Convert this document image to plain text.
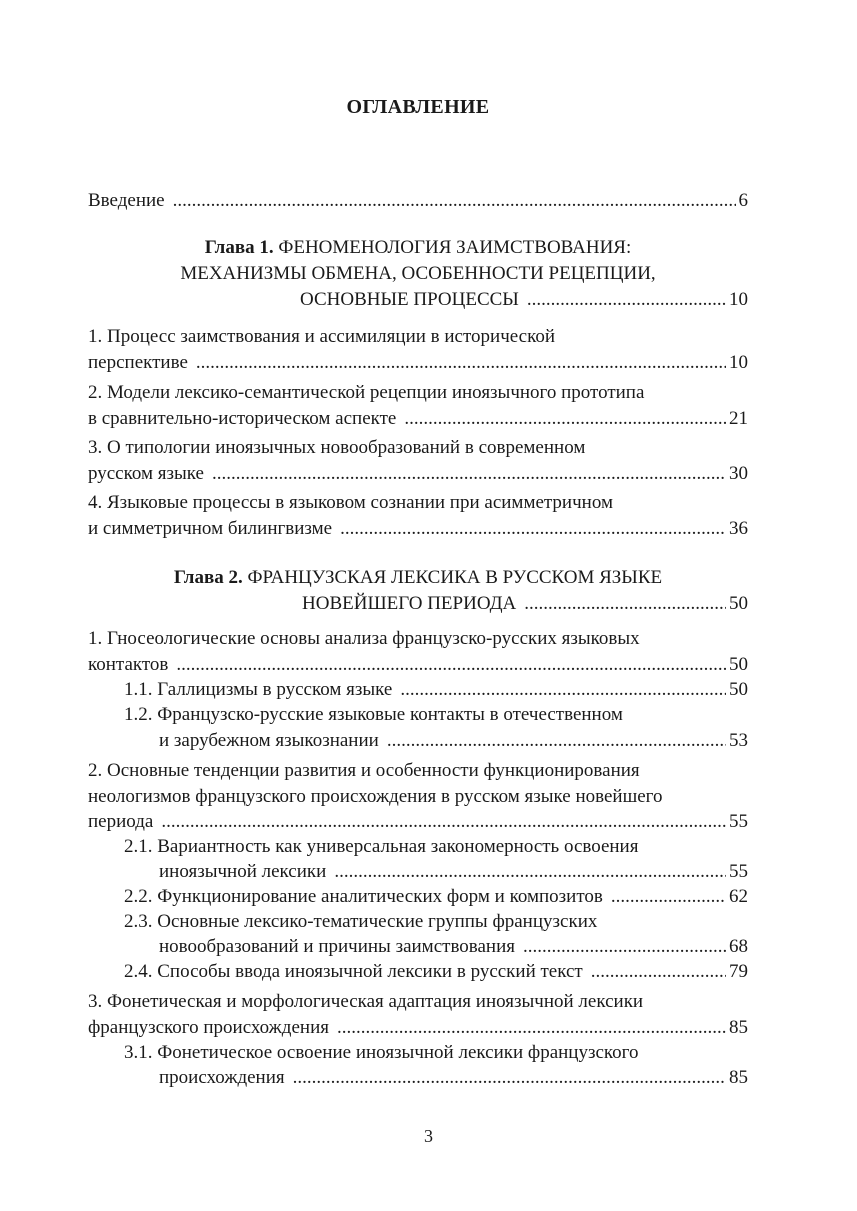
ОГЛАВЛЕНИЕ
Введение .....	6
Глава 1. ФЕНОМЕНОЛОГИЯ ЗАИМСТВОВАНИЯ:
МЕХАНИЗМЫ ОБМЕНА, ОСОБЕННОСТИ РЕЦЕПЦИИ,
ОСНОВНЫЕ ПРОЦЕССЫ .....	10
1. Процесс заимствования и ассимиляции в исторической
перспективе .....	10
2. Модели лексико-семантической рецепции иноязычного прототипа
в сравнительно-историческом аспекте .....	21
3. О типологии иноязычных новообразований в современном
русском языке .....	30
4. Языковые процессы в языковом сознании при асимметричном
и симметричном билингвизме .....	36
Глава 2. ФРАНЦУЗСКАЯ ЛЕКСИКА В РУССКОМ ЯЗЫКЕ
НОВЕЙШЕГО ПЕРИОДА .....	50
1. Гносеологические основы анализа французско-русских языковых
контактов .....	50
1.1. Галлицизмы в русском языке .....	50
1.2. Французско-русские языковые контакты в отечественном
и зарубежном языкознании .....	53
2. Основные тенденции развития и особенности функционирования
неологизмов французского происхождения в русском языке новейшего
периода .....	55
2.1. Вариантность как универсальная закономерность освоения
иноязычной лексики .....	55
2.2. Функционирование аналитических форм и композитов .....	62
2.3. Основные лексико-тематические группы французских
новообразований и причины заимствования .....	68
2.4. Способы ввода иноязычной лексики в русский текст .....	79
3. Фонетическая и морфологическая адаптация иноязычной лексики
французского происхождения .....	85
3.1. Фонетическое освоение иноязычной лексики французского
происхождения .....	85
3
